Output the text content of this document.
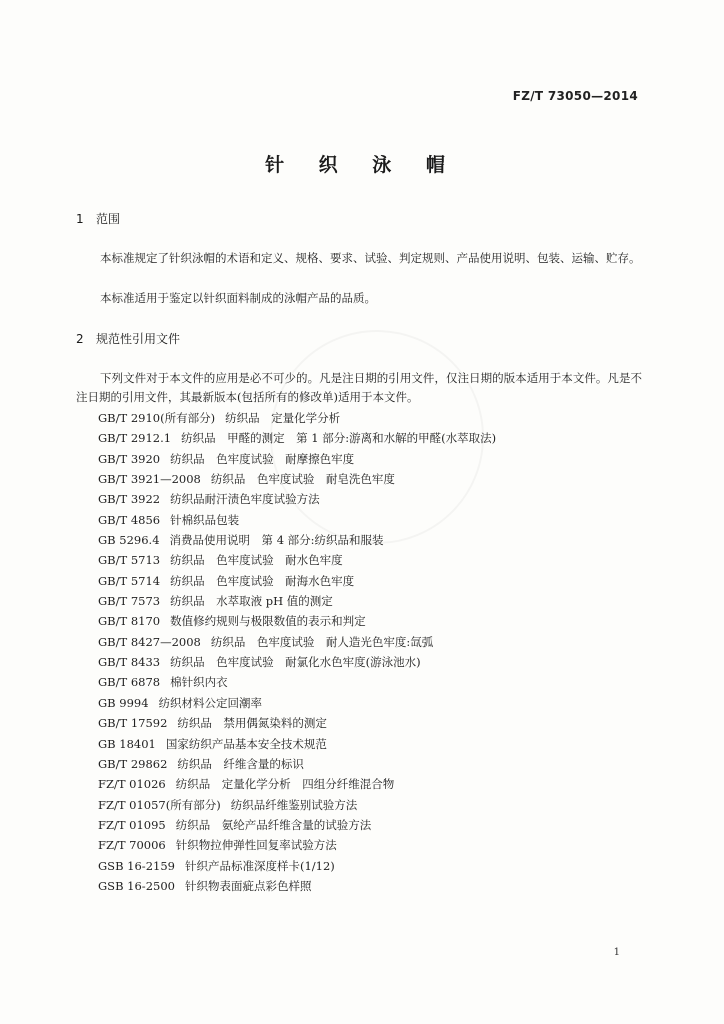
FZ/T 73050—2014
针 织 泳 帽
1 范围

本标准规定了针织泳帽的术语和定义、规格、要求、试验、判定规则、产品使用说明、包装、运输、贮存。

本标准适用于鉴定以针织面料制成的泳帽产品的品质。

2 规范性引用文件

下列文件对于本文件的应用是必不可少的。凡是注日期的引用文件，仅注日期的版本适用于本文件。凡是不注日期的引用文件，其最新版本(包括所有的修改单)适用于本文件。

GB/T 2910(所有部分) 纺织品　定量化学分析
GB/T 2912.1 纺织品　甲醛的测定　第 1 部分:游离和水解的甲醛(水萃取法)
GB/T 3920 纺织品　色牢度试验　耐摩擦色牢度
GB/T 3921—2008 纺织品　色牢度试验　耐皂洗色牢度
GB/T 3922 纺织品耐汗渍色牢度试验方法
GB/T 4856 针棉织品包装
GB 5296.4 消费品使用说明　第 4 部分:纺织品和服装
GB/T 5713 纺织品　色牢度试验　耐水色牢度
GB/T 5714 纺织品　色牢度试验　耐海水色牢度
GB/T 7573 纺织品　水萃取液 pH 值的测定
GB/T 8170 数值修约规则与极限数值的表示和判定
GB/T 8427—2008 纺织品　色牢度试验　耐人造光色牢度:氙弧
GB/T 8433 纺织品　色牢度试验　耐氯化水色牢度(游泳池水)
GB/T 6878 棉针织内衣
GB 9994 纺织材料公定回潮率
GB/T 17592 纺织品　禁用偶氮染料的测定
GB 18401 国家纺织产品基本安全技术规范
GB/T 29862 纺织品　纤维含量的标识
FZ/T 01026 纺织品　定量化学分析　四组分纤维混合物
FZ/T 01057(所有部分) 纺织品纤维鉴别试验方法
FZ/T 01095 纺织品　氨纶产品纤维含量的试验方法
FZ/T 70006 针织物拉伸弹性回复率试验方法
GSB 16-2159 针织产品标准深度样卡(1/12)
GSB 16-2500 针织物表面疵点彩色样照
1
